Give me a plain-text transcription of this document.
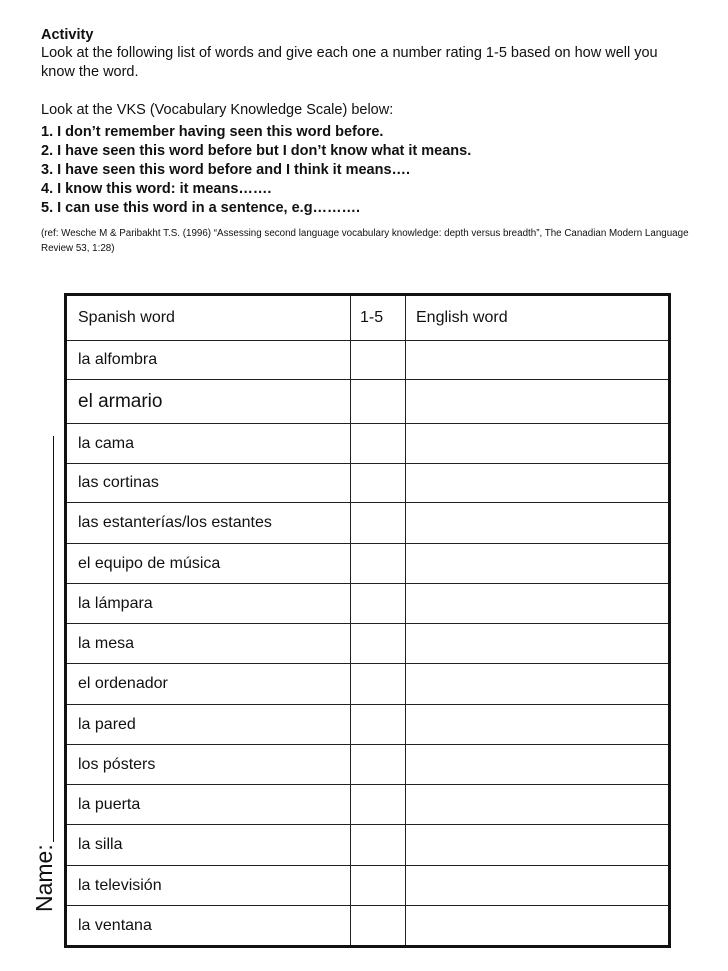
Activity
Look at the following list of words and give each one a number rating 1-5 based on how well you know the word.
Look at the VKS (Vocabulary Knowledge Scale) below:
1. I don’t remember having seen this word before.
2. I have seen this word before but I don’t know what it means.
3. I have seen this word before and I think it means….
4. I know this word: it means…….
5. I can use this word in a sentence, e.g……….
(ref: Wesche M & Paribakht T.S. (1996) “Assessing second language vocabulary knowledge: depth versus breadth”, The Canadian Modern Language Review 53, 1:28)
Name:
Spanish word	1-5	English word
la alfombra		
el armario		
la cama		
las cortinas		
las estanterías/los estantes		
el equipo de música		
la lámpara		
la mesa		
el ordenador		
la pared		
los pósters		
la puerta		
la silla		
la televisión		
la ventana		
